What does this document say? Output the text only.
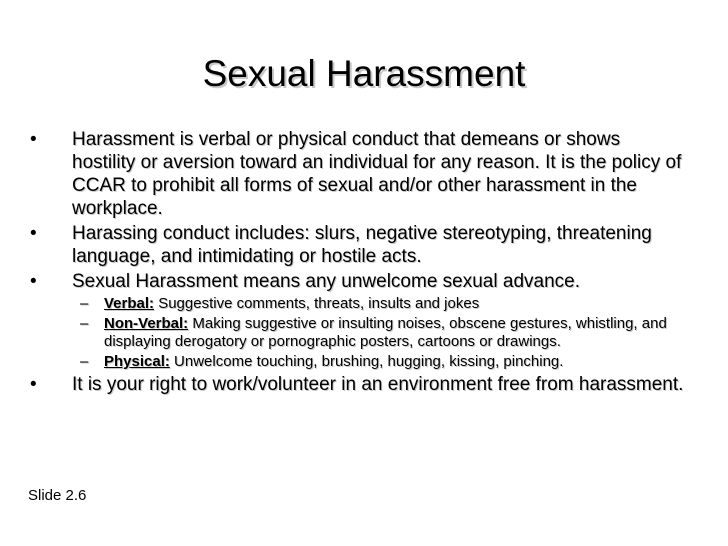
Sexual Harassment
• Harassment is verbal or physical conduct that demeans or shows hostility or aversion toward an individual for any reason. It is the policy of CCAR to prohibit all forms of sexual and/or other harassment in the workplace.
• Harassing conduct includes: slurs, negative stereotyping, threatening language, and intimidating or hostile acts.
• Sexual Harassment means any unwelcome sexual advance.
– Verbal: Suggestive comments, threats, insults and jokes
– Non-Verbal: Making suggestive or insulting noises, obscene gestures, whistling, and displaying derogatory or pornographic posters, cartoons or drawings.
– Physical: Unwelcome touching, brushing, hugging, kissing, pinching.
• It is your right to work/volunteer in an environment free from harassment.
Slide 2.6
